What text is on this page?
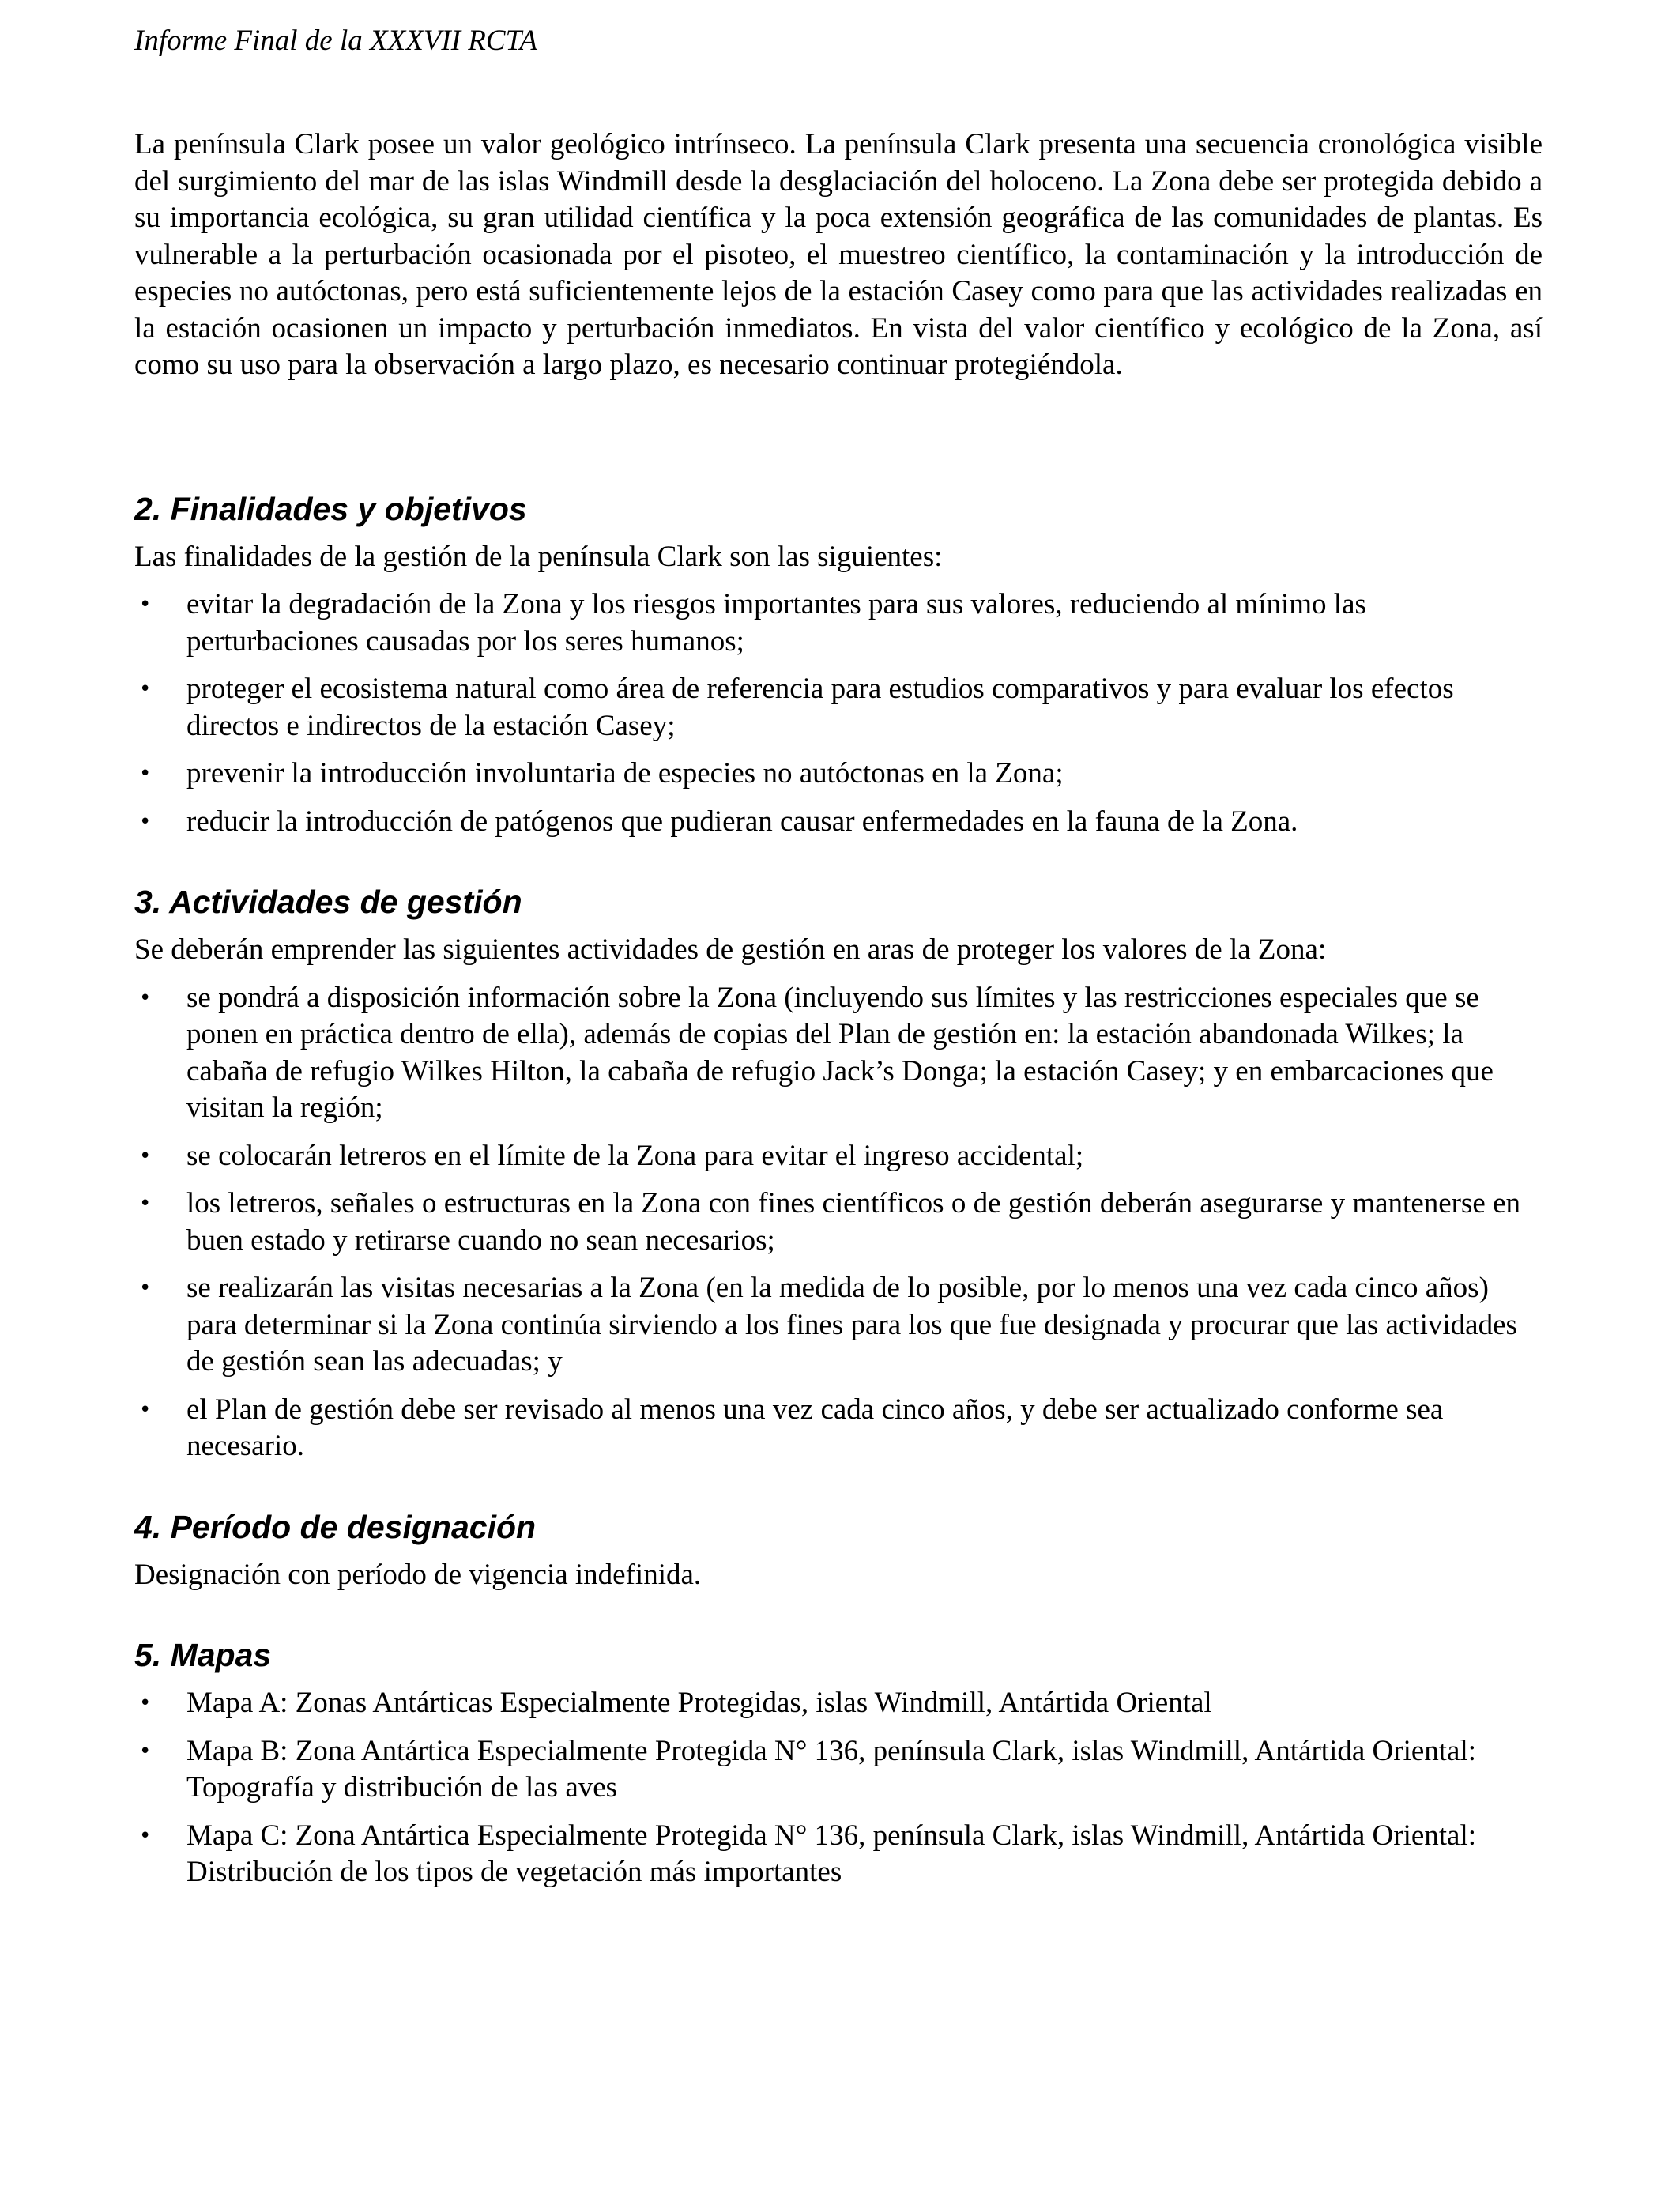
Informe Final de la XXXVII RCTA

La península Clark posee un valor geológico intrínseco. La península Clark presenta una secuencia cronológica visible del surgimiento del mar de las islas Windmill desde la desglaciación del holoceno. La Zona debe ser protegida debido a su importancia ecológica, su gran utilidad científica y la poca extensión geográfica de las comunidades de plantas. Es vulnerable a la perturbación ocasionada por el pisoteo, el muestreo científico, la contaminación y la introducción de especies no autóctonas, pero está suficientemente lejos de la estación Casey como para que las actividades realizadas en la estación ocasionen un impacto y perturbación inmediatos. En vista del valor científico y ecológico de la Zona, así como su uso para la observación a largo plazo, es necesario continuar protegiéndola.

2. Finalidades y objetivos

Las finalidades de la gestión de la península Clark son las siguientes:

• evitar la degradación de la Zona y los riesgos importantes para sus valores, reduciendo al mínimo las perturbaciones causadas por los seres humanos;
• proteger el ecosistema natural como área de referencia para estudios comparativos y para evaluar los efectos directos e indirectos de la estación Casey;
• prevenir la introducción involuntaria de especies no autóctonas en la Zona;
• reducir la introducción de patógenos que pudieran causar enfermedades en la fauna de la Zona.
3. Actividades de gestión

Se deberán emprender las siguientes actividades de gestión en aras de proteger los valores de la Zona:

• se pondrá a disposición información sobre la Zona (incluyendo sus límites y las restricciones especiales que se ponen en práctica dentro de ella), además de copias del Plan de gestión en: la estación abandonada Wilkes; la cabaña de refugio Wilkes Hilton, la cabaña de refugio Jack’s Donga; la estación Casey; y en embarcaciones que visitan la región;
• se colocarán letreros en el límite de la Zona para evitar el ingreso accidental;
• los letreros, señales o estructuras en la Zona con fines científicos o de gestión deberán asegurarse y mantenerse en buen estado y retirarse cuando no sean necesarios;
• se realizarán las visitas necesarias a la Zona (en la medida de lo posible, por lo menos una vez cada cinco años) para determinar si la Zona continúa sirviendo a los fines para los que fue designada y procurar que las actividades de gestión sean las adecuadas; y
• el Plan de gestión debe ser revisado al menos una vez cada cinco años, y debe ser actualizado conforme sea necesario.
4. Período de designación

Designación con período de vigencia indefinida.

5. Mapas
• Mapa A: Zonas Antárticas Especialmente Protegidas, islas Windmill, Antártida Oriental
• Mapa B: Zona Antártica Especialmente Protegida N° 136, península Clark, islas Windmill, Antártida Oriental: Topografía y distribución de las aves
• Mapa C: Zona Antártica Especialmente Protegida N° 136, península Clark, islas Windmill, Antártida Oriental: Distribución de los tipos de vegetación más importantes
